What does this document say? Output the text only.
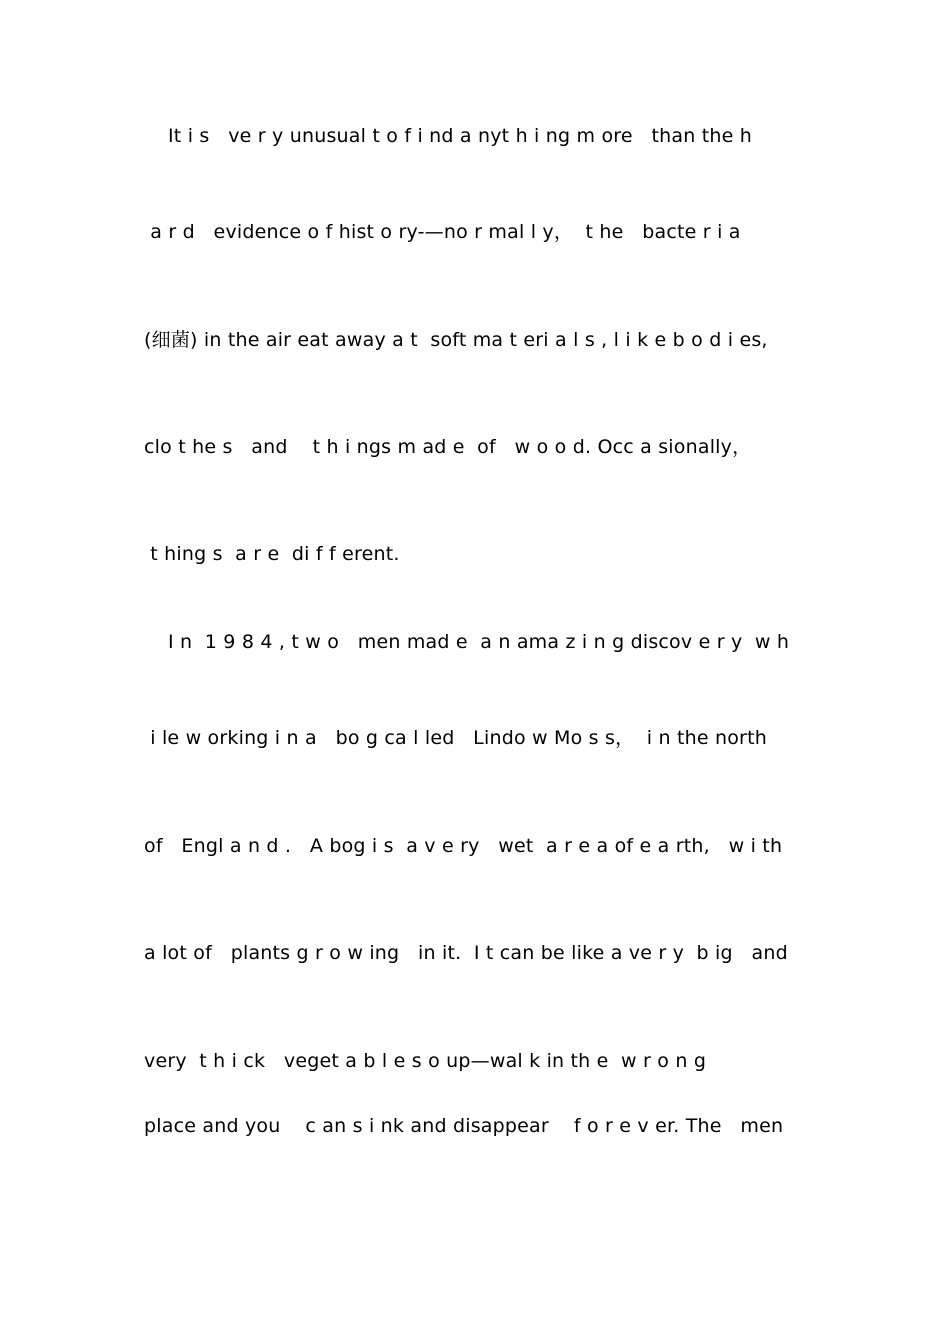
It i s   ve r y unusual t o f i nd a nyt h i ng m ore   than the h
a r d   evidence o f hist o ry-—no r mal l y，  t he   bacte r i a
(细菌) in the air eat away a t  soft ma t eri a l s , l i k e b o d i es,
clo t he s   and    t h i ngs m ad e  of   w o o d. Occ a sionally，
t hing s  a r e  di f f erent.
I n  1 9 8 4 , t w o   men mad e  a n ama z i n g discov e r y  w h
i le w orking i n a   bo g ca l led   Lindo w Mo s s，  i n the north
of   Engl a n d .   A bog i s  a v e ry   wet  a r e a of e a rth,   w i th
a lot of   plants g r o w ing   in it.  I t can be like a ve r y  b ig   and
very  t h i ck   veget a b l e s o up—wal k in th e  w r o n g
place and you    c an s i nk and disappear    f o r e v er. The   men
